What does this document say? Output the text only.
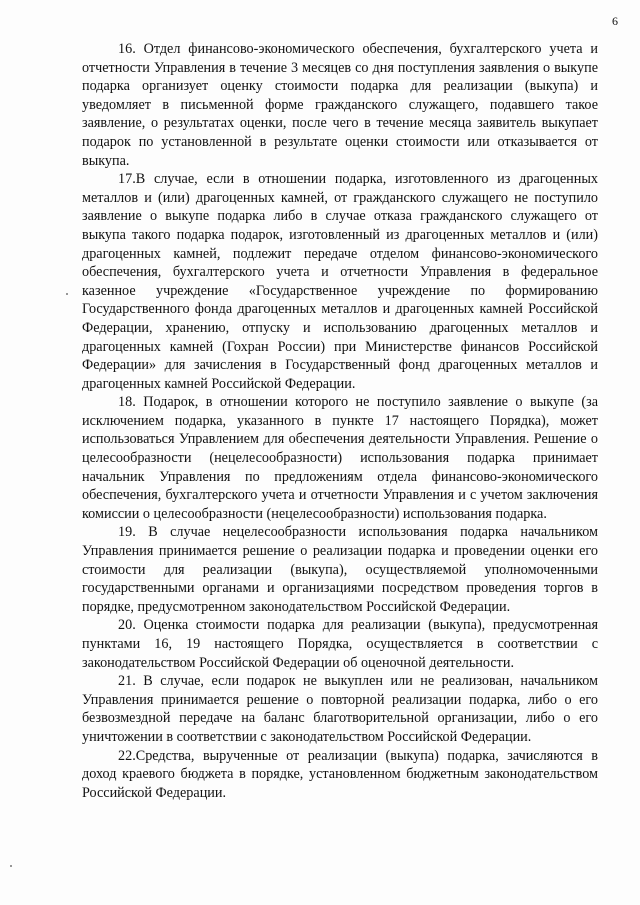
6

16. Отдел финансово-экономического обеспечения, бухгалтерского учета и отчетности Управления в течение 3 месяцев со дня поступления заявления о выкупе подарка организует оценку стоимости подарка для реализации (выкупа) и уведомляет в письменной форме гражданского служащего, подавшего такое заявление, о результатах оценки, после чего в течение месяца заявитель выкупает подарок по установленной в результате оценки стоимости или отказывается от выкупа.

17.В случае, если в отношении подарка, изготовленного из драгоценных металлов и (или) драгоценных камней, от гражданского служащего не поступило заявление о выкупе подарка либо в случае отказа гражданского служащего от выкупа такого подарка подарок, изготовленный из драгоценных металлов и (или) драгоценных камней, подлежит передаче отделом финансово-экономического обеспечения, бухгалтерского учета и отчетности Управления в федеральное казенное учреждение «Государственное учреждение по формированию Государственного фонда драгоценных металлов и драгоценных камней Российской Федерации, хранению, отпуску и использованию драгоценных металлов и драгоценных камней (Гохран России) при Министерстве финансов Российской Федерации» для зачисления в Государственный фонд драгоценных металлов и драгоценных камней Российской Федерации.

18. Подарок, в отношении которого не поступило заявление о выкупе (за исключением подарка, указанного в пункте 17 настоящего Порядка), может использоваться Управлением для обеспечения деятельности Управления. Решение о целесообразности (нецелесообразности) использования подарка принимает начальник Управления по предложениям отдела финансово-экономического обеспечения, бухгалтерского учета и отчетности Управления и с учетом заключения комиссии о целесообразности (нецелесообразности) использования подарка.

19. В случае нецелесообразности использования подарка начальником Управления принимается решение о реализации подарка и проведении оценки его стоимости для реализации (выкупа), осуществляемой уполномоченными государственными органами и организациями посредством проведения торгов в порядке, предусмотренном законодательством Российской Федерации.

20. Оценка стоимости подарка для реализации (выкупа), предусмотренная пунктами 16, 19 настоящего Порядка, осуществляется в соответствии с законодательством Российской Федерации об оценочной деятельности.

21. В случае, если подарок не выкуплен или не реализован, начальником Управления принимается решение о повторной реализации подарка, либо о его безвозмездной передаче на баланс благотворительной организации, либо о его уничтожении в соответствии с законодательством Российской Федерации.

22.Средства, вырученные от реализации (выкупа) подарка, зачисляются в доход краевого бюджета в порядке, установленном бюджетным законодательством Российской Федерации.
